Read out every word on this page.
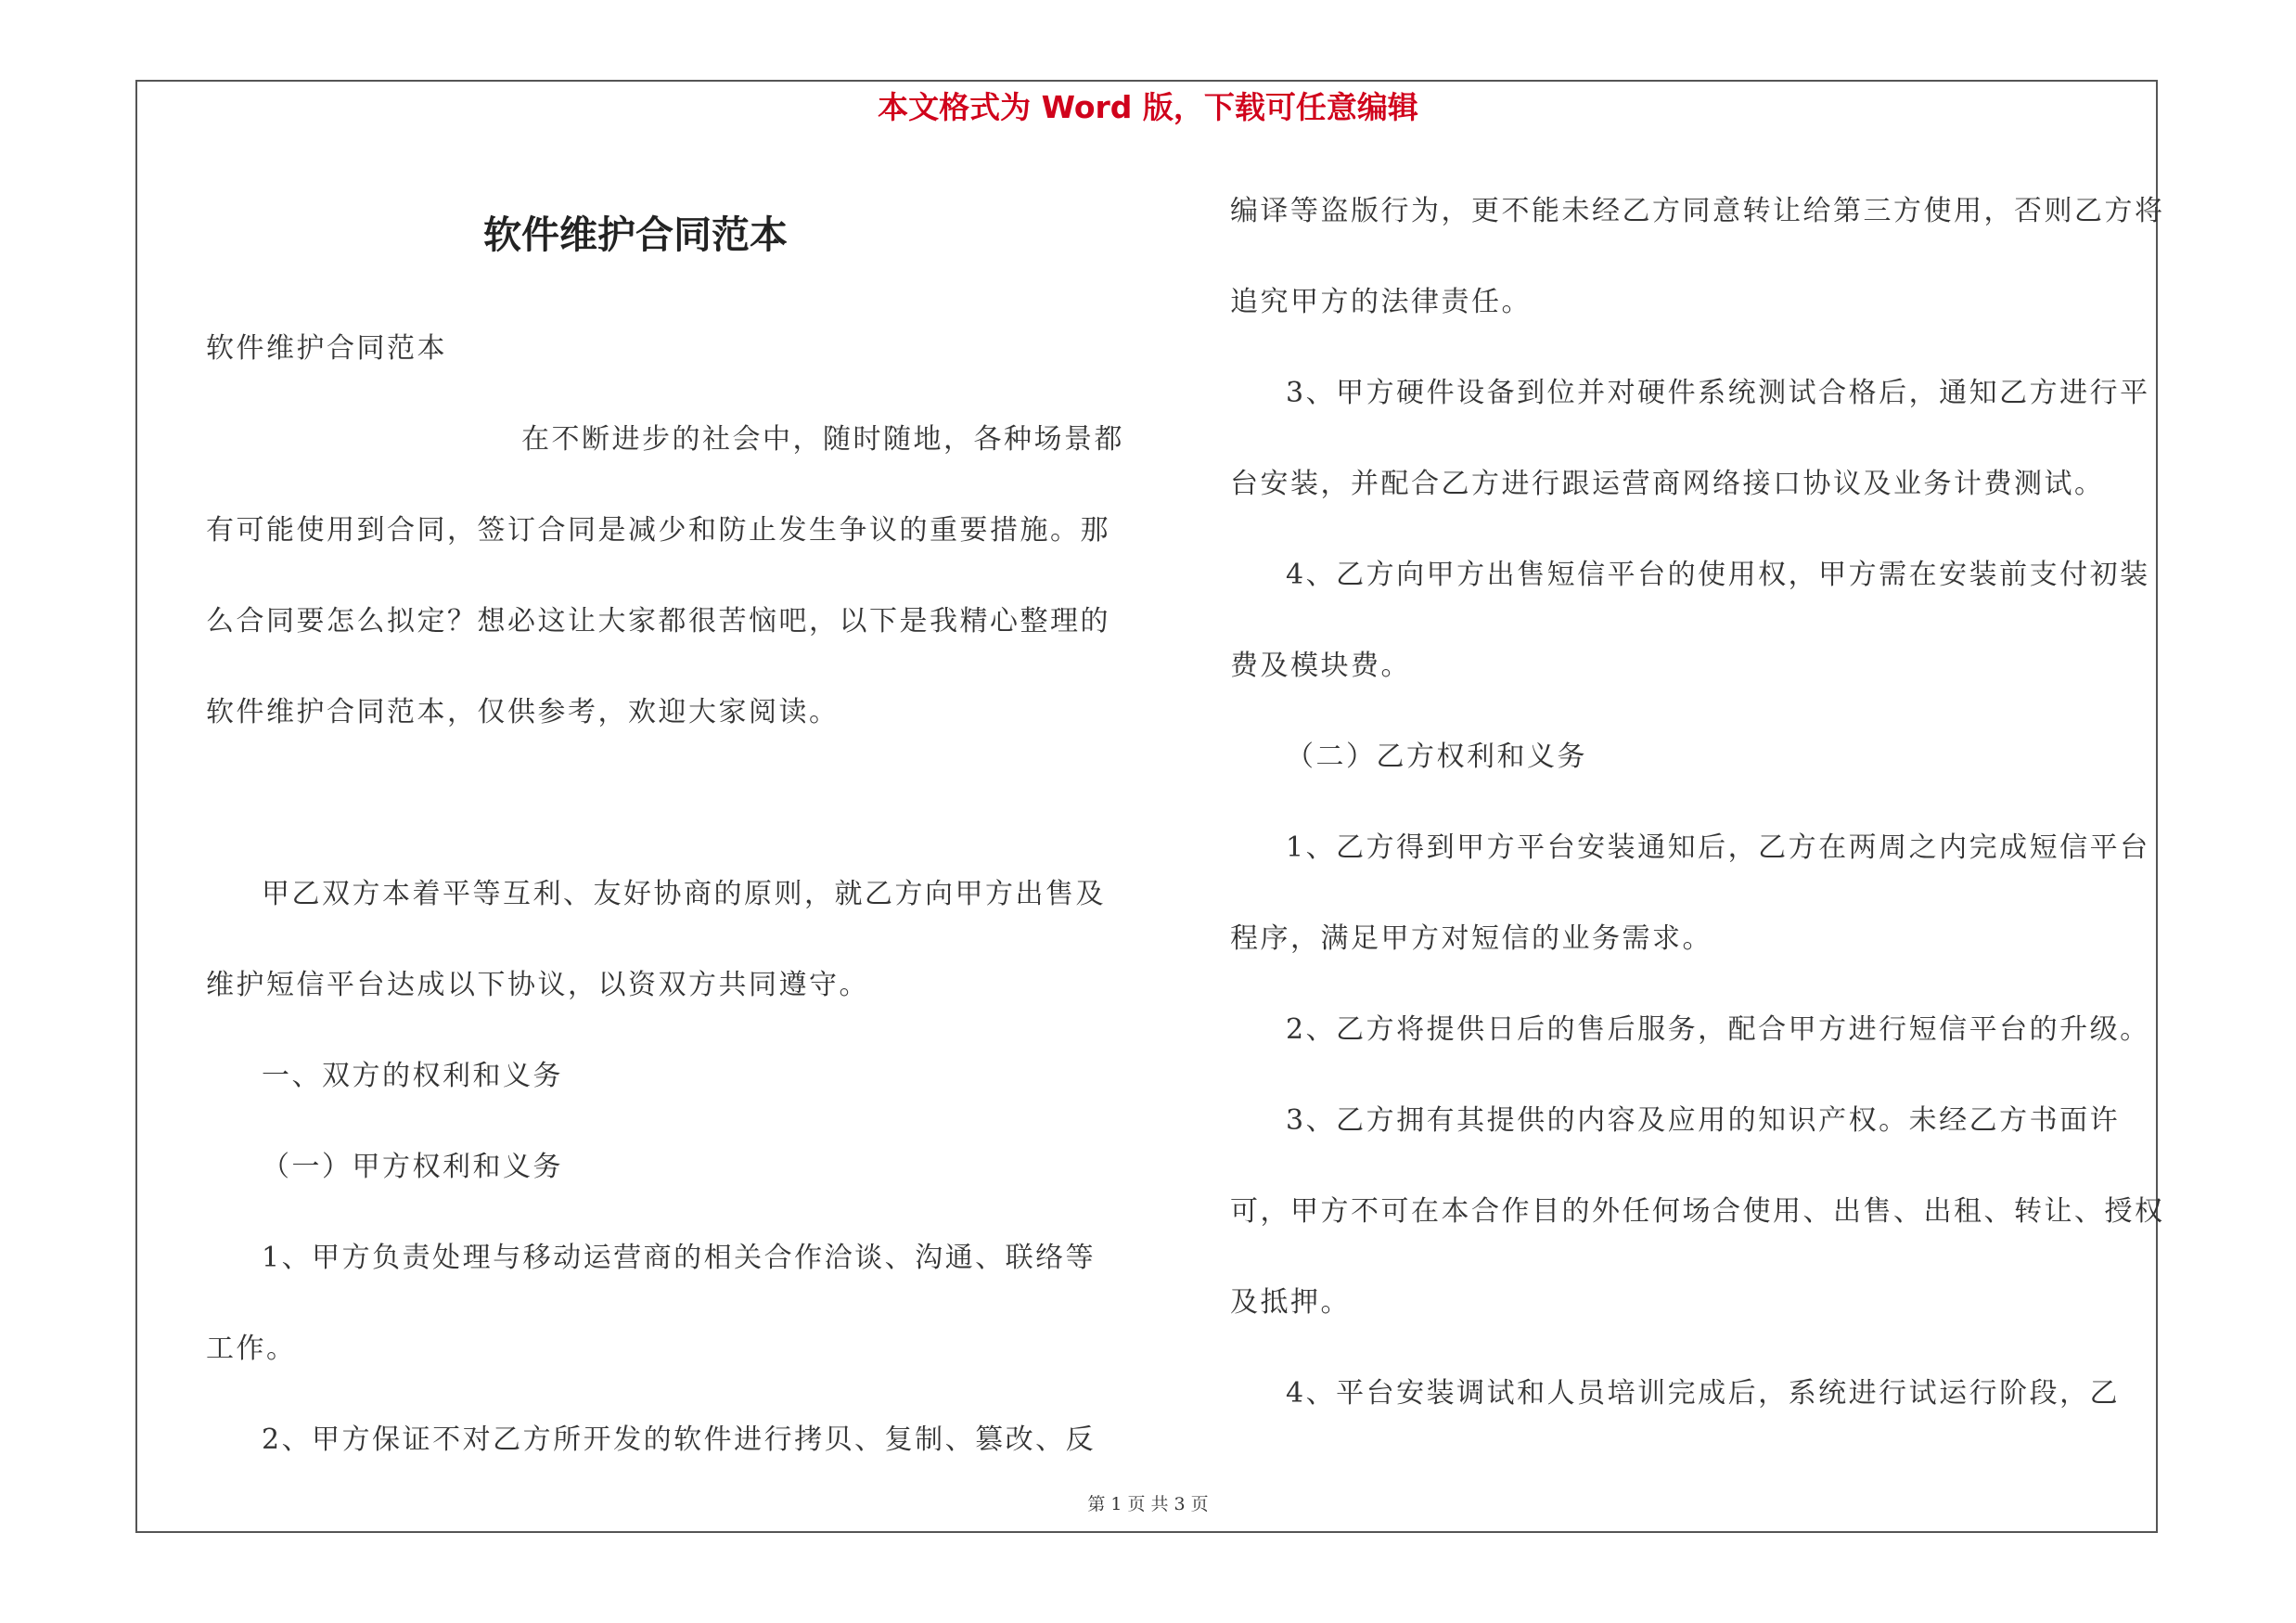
本文格式为 Word 版，下载可任意编辑
软件维护合同范本

软件维护合同范本

在不断进步的社会中，随时随地，各种场景都有可能使用到合同，签订合同是减少和防止发生争议的重要措施。那么合同要怎么拟定？想必这让大家都很苦恼吧，以下是我精心整理的软件维护合同范本，仅供参考，欢迎大家阅读。

甲乙双方本着平等互利、友好协商的原则，就乙方向甲方出售及维护短信平台达成以下协议，以资双方共同遵守。

一、双方的权利和义务

（一）甲方权利和义务

1、甲方负责处理与移动运营商的相关合作洽谈、沟通、联络等工作。

2、甲方保证不对乙方所开发的软件进行拷贝、复制、篡改、反

编译等盗版行为，更不能未经乙方同意转让给第三方使用，否则乙方将追究甲方的法律责任。

3、甲方硬件设备到位并对硬件系统测试合格后，通知乙方进行平台安装，并配合乙方进行跟运营商网络接口协议及业务计费测试。

4、乙方向甲方出售短信平台的使用权，甲方需在安装前支付初装费及模块费。

（二）乙方权利和义务

1、乙方得到甲方平台安装通知后，乙方在两周之内完成短信平台程序，满足甲方对短信的业务需求。

2、乙方将提供日后的售后服务，配合甲方进行短信平台的升级。

3、乙方拥有其提供的内容及应用的知识产权。未经乙方书面许可，甲方不可在本合作目的外任何场合使用、出售、出租、转让、授权及抵押。

4、平台安装调试和人员培训完成后，系统进行试运行阶段，乙

第 1 页 共 3 页
